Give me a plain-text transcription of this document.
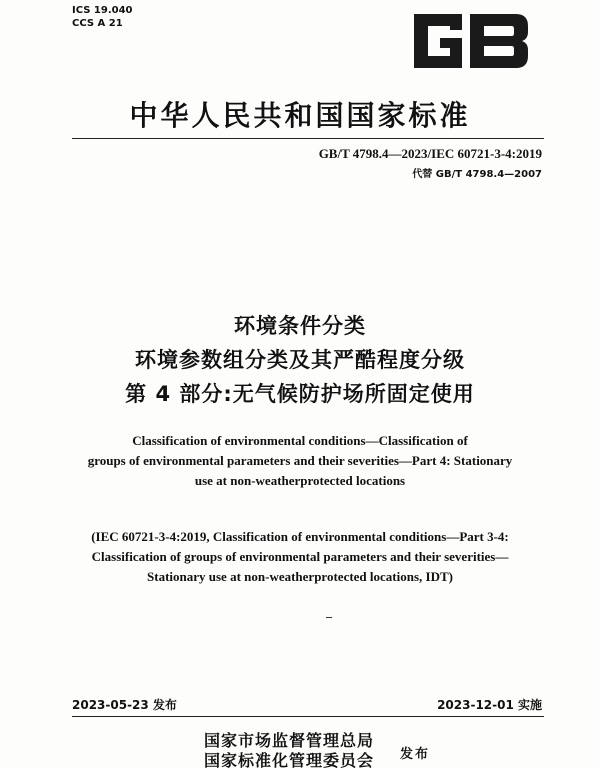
ICS 19.040
CCS A 21
GB
中华人民共和国国家标准
GB/T 4798.4—2023/IEC 60721-3-4:2019
代替 GB/T 4798.4—2007
环境条件分类
环境参数组分类及其严酷程度分级
第 4 部分:无气候防护场所固定使用
Classification of environmental conditions—Classification of
groups of environmental parameters and their severities—Part 4: Stationary
use at non-weatherprotected locations
(IEC 60721-3-4:2019, Classification of environmental conditions—Part 3-4:
Classification of groups of environmental parameters and their severities—
Stationary use at non-weatherprotected locations, IDT)
2023-05-23 发布	2023-12-01 实施
国家市场监督管理总局
国家标准化管理委员会 发布
